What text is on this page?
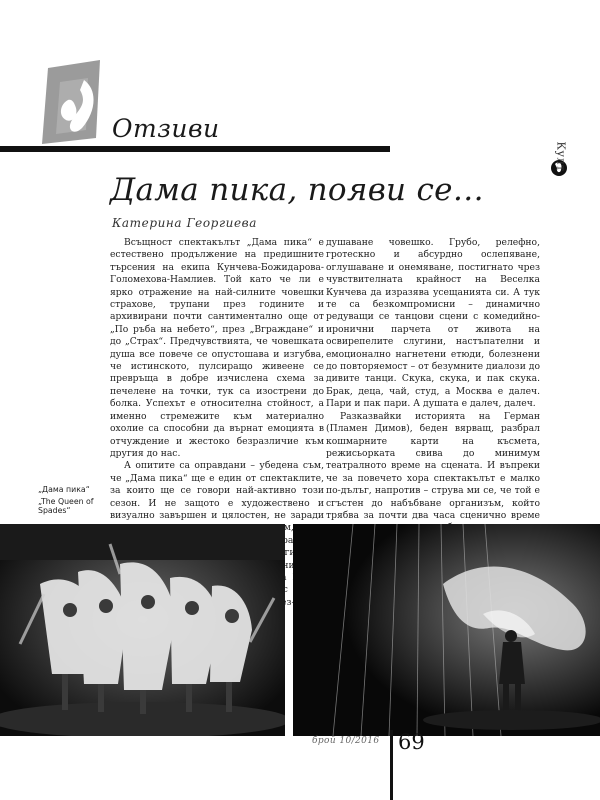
Отзиви
Култ
Дама пика, появи се…
Катерина Георгиева

Всъщност спектакълът „Дама пика“ е естествено продължение на предишните търсения на екипа Кунчева-Божидарова-Голомехова-Намлиев. Той като че ли е ярко отражение на най-силните човешки страхове, трупани през годините и архивирани почти сантиментално още от „По ръба на небето“, през „Вграждане“ и до „Страх“. Предчувствията, че човешката душа все повече се опустошава и изгубва, че истинското, пулсиращо живеене се превръща в добре изчислена схема за печелене на точки, тук са изострени до болка. Успехът е относителна стойност, а именно стремежите към материално охолие са способни да върнат емоцията в отчуждение и жестоко безразличие към другия до нас.

А опитите са оправдани – убедена съм, че „Дама пика“ ще е един от спектаклите, за които ще се говори най-активно този сезон. И не защото е художествено и визуално завършен и цялостен, не заради театралност.

душаване човешко. Грубо, релефно, гротескно и абсурдно ослепяване, оглушаване и онемяване, постигнато чрез чувствителната крайност на Веселка Кунчева да изразява усещанията си. А тук те са безкомпромисни – динамично редуващи се танцови сцени с комедийно-иронични парчета от живота на освирепелите слугини, настъпателни и емоционално нагнетени етюди, болезнени до повторяемост – от безумните диалози до дивите танци. Скука, скука, и пак скука. Брак, деца, чай, студ, а Москва е далеч. Пари и пак пари. А душата е далеч, далеч.

Разказвайки историята на Герман (Пламен Димов), беден вярващ, разбрал кошмарните карти на късмета, режисьорката свива до минимум театралното време на сцената. И въпреки че за повечето хора спектакълът е малко по-дълъг, напротив – струва ми се, че той е сгъстен до набъбване организъм, който трябва за почти два часа сценично време

„Дама пика“
„The Queen of Spades“
брой 10/2016 69
